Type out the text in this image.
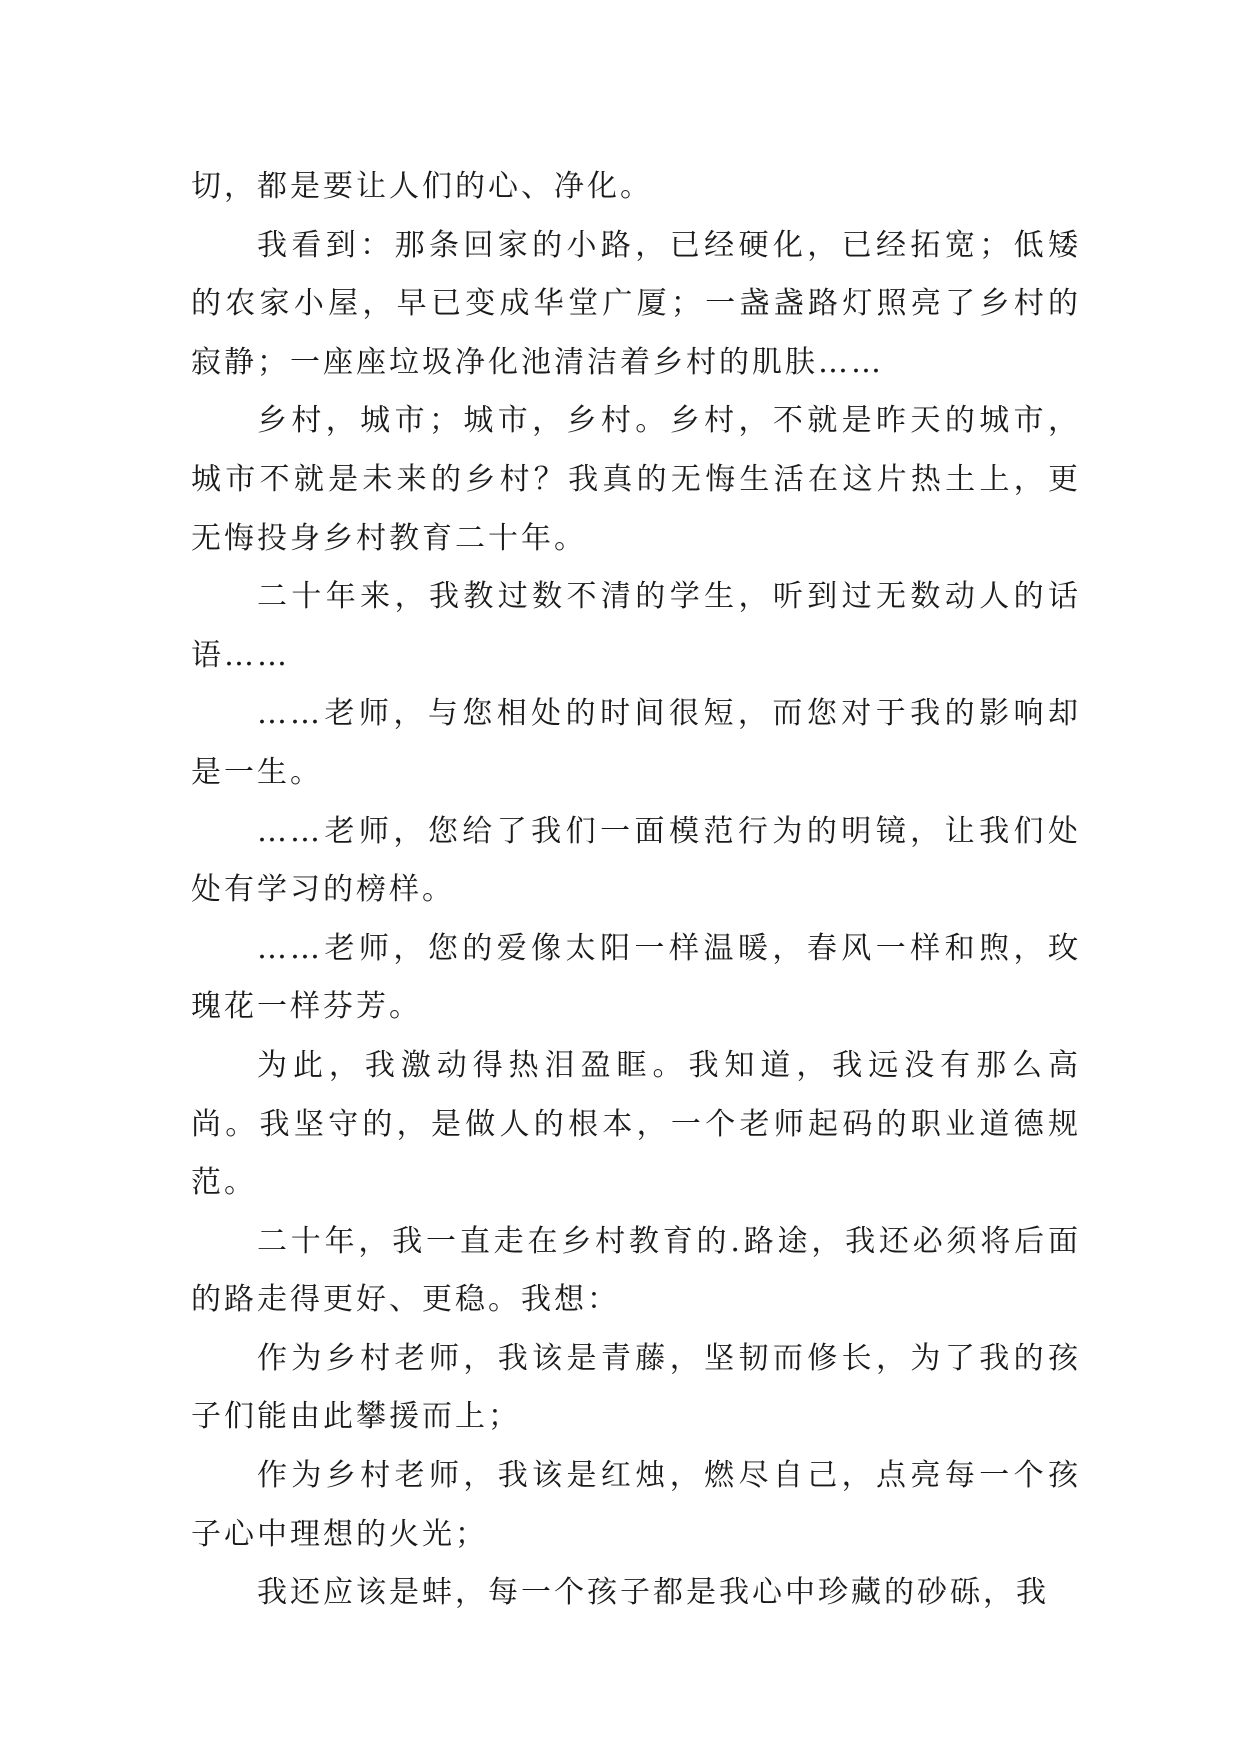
切，都是要让人们的心、净化。

我看到：那条回家的小路，已经硬化，已经拓宽；低矮的农家小屋，早已变成华堂广厦；一盏盏路灯照亮了乡村的寂静；一座座垃圾净化池清洁着乡村的肌肤……

乡村，城市；城市，乡村。乡村，不就是昨天的城市，城市不就是未来的乡村？我真的无悔生活在这片热土上，更无悔投身乡村教育二十年。

二十年来，我教过数不清的学生，听到过无数动人的话语……

……老师，与您相处的时间很短，而您对于我的影响却是一生。

……老师，您给了我们一面模范行为的明镜，让我们处处有学习的榜样。

……老师，您的爱像太阳一样温暖，春风一样和煦，玫瑰花一样芬芳。

为此，我激动得热泪盈眶。我知道，我远没有那么高尚。我坚守的，是做人的根本，一个老师起码的职业道德规范。

二十年，我一直走在乡村教育的.路途，我还必须将后面的路走得更好、更稳。我想：

作为乡村老师，我该是青藤，坚韧而修长，为了我的孩子们能由此攀援而上；

作为乡村老师，我该是红烛，燃尽自己，点亮每一个孩子心中理想的火光；

我还应该是蚌，每一个孩子都是我心中珍藏的砂砾，我
